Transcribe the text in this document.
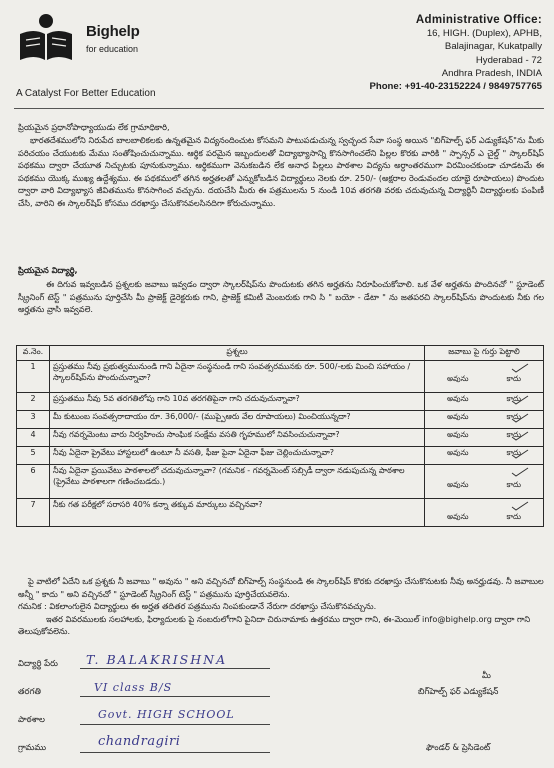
Bighelp
for education
A Catalyst For Better Education
Administrative Office:
16, HIGH. (Duplex), APHB,
Balajinagar, Kukatpally
Hyderabad - 72
Andhra Pradesh, INDIA
Phone: +91-40-23152224 / 9849757765
ప్రియమైన ప్రధానోపాధ్యాయుడు లేక గ్రామాధికారి,
భారతదేశములోని నిరుపేద బాలబాలికలకు ఉన్నతమైన విద్యనందించుట కోసమని పాటుపడుచున్న స్వచ్ఛంద సేవా సంస్థ అయిన "బిగ్‌హెల్ప్ ఫర్ ఎడ్యుకేషన్"ను మీకు పరిచయం చేయుటకు మేము సంతోషించుచున్నాము. ఆర్థిక పరమైన ఇబ్బందులతో విద్యాభ్యాసాన్ని కొనసాగించలేని పిల్లల కొరకు వారికి " స్పాన్సర్ ఎ చైల్డ్ " స్కాలర్‌షిప్ పథకము ద్వారా చేయూత నిచ్చుటకు పూనుకున్నాము. ఆర్థికముగా వెనుకబడిన లేక అనాధ పిల్లలు పాఠశాల విద్యను అర్ధాంతరముగా విరమించకుండా చూడటమే ఈ పథకము యొక్క ముఖ్య ఉద్దేశ్యము. ఈ పథకములో తగిన అర్హతలతో ఎన్నుకోబడిన విద్యార్థులు నెలకు రూ. 250/- (అక్షరాల రెండువందల యాభై రూపాయలు) పొందుట ద్వారా వారి విద్యాభ్యాస జీవితమును కొనసాగించ వచ్చును. దయచేసి మీరు ఈ పత్రములను 5 నుండి 10వ తరగతి వరకు చదువుచున్న విద్యార్థినీ విద్యార్థులకు పంపిణీ చేసి, వారిని ఈ స్కాలర్‌షిప్ కోసము దరఖాస్తు చేసుకొనవలసినదిగా కోరుచున్నాము.
ప్రియమైన విద్యార్థి,
ఈ దిగువ ఇవ్వబడిన ప్రశ్నలకు జవాబు ఇవ్వడం ద్వారా స్కాలర్‌షిప్‌ను పొందుటకు తగిన అర్హతను నిరూపించుకోవాలి. ఒక వేళ అర్హతను పొందినచో " స్టూడెంట్ స్క్రీనింగ్ టెస్ట్ " పత్రమును పూర్తిచేసి మీ ప్రాజెక్ట్ డైరెక్టరుకు గాని, ప్రాజెక్ట్ కమిటీ మెంబరుకు గాని సి " బయో - డేటా " ను జతపరచి స్కాలర్‌షిప్‌ను పొందుటకు నీకు గల అర్హతను వ్రాసి ఇవ్వవలె.
వ.నెం.	ప్రశ్నలు	జవాబు పై గుర్తు పెట్టాలి
1	ప్రస్తుతము నీవు ప్రభుత్వమునుండి గాని ఏదైనా సంస్థనుండి గాని సంవత్సరమునకు రూ. 500/-లకు మించి సహాయం / స్కాలర్‌షిప్‌ను పొందుచున్నావా?	అవును కాదు

2	ప్రస్తుతము నీవు 5వ తరగతిలోపు గాని 10వ తరగతిపైనా గాని చదువుచున్నావా?	అవును కాదు

3	మీ కుటుంబ సంవత్సరాదాయం రూ. 36,000/- (ముప్పైఆరు వేల రూపాయలు) మించియున్నదా?	అవును కాదు

4	నీవు గవర్నమెంటు వారు నిర్వహించు సాంఘిక సంక్షేమ వసతి గృహములో నివసించుచున్నావా?	అవును కాదు

5	నీవు ఏదైనా ప్రైవేటు హాస్టలులో ఉంటూ నీ వసతి, ఫీజు పైనా ఏదైనా ఫీజు చెల్లించుచున్నావా?	అవును కాదు

6	నీవు ఏదైనా ప్రయివేటు పాఠశాలలో చదువుచున్నావా? (గమనిక - గవర్నమెంట్ సబ్సిడీ ద్వారా నడుపుచున్న పాఠశాల (ప్రైవేటు పాఠశాలగా గణించబడదు.)	అవును కాదు

7	నీకు గత పరీక్షలో సరాసరి 40% కన్నా తక్కువ మార్కులు వచ్చినవా?	అవును కాదు
పై వాటిలో ఏదేని ఒక ప్రశ్నకు నీ జవాబు " అవును " అని వచ్చినచో బిగ్‌హెల్ప్ సంస్థనుండి ఈ స్కాలర్‌షిప్ కొరకు దరఖాస్తు చేసుకొనుటకు నీవు అనర్హుడవు. నీ జవాబుల అన్నీ " కాదు " అని వచ్చినచో " స్టూడెంట్ స్క్రీనింగ్ టెస్ట్ " పత్రమును పూర్తిచేయవలెను.
గమనిక : వికలాంగులైన విద్యార్థులు ఈ అర్హత తదితర పత్రమును నింపకుండానే నేరుగా దరఖాస్తు చేసుకొనవచ్చును.
ఇతర వివరములకు సలహాలకు, ఫిర్యాదులకు పై నంబరులోగాని పైనిదా చిరునామాకు ఉత్తరము ద్వారా గాని, ఈ-మెయిల్ info@bighelp.org ద్వారా గాని తెలుపుకోవలెను.
విద్యార్థి పేరు T. BALAKRISHNA
తరగతి	VI class B/S
పాఠశాల	Govt. HIGH SCHOOL
గ్రామము	chandragiri
మీ
బిగ్‌హెల్ప్ ఫర్ ఎడ్యుకేషన్
ఫౌండర్ & ప్రెసిడెంట్
